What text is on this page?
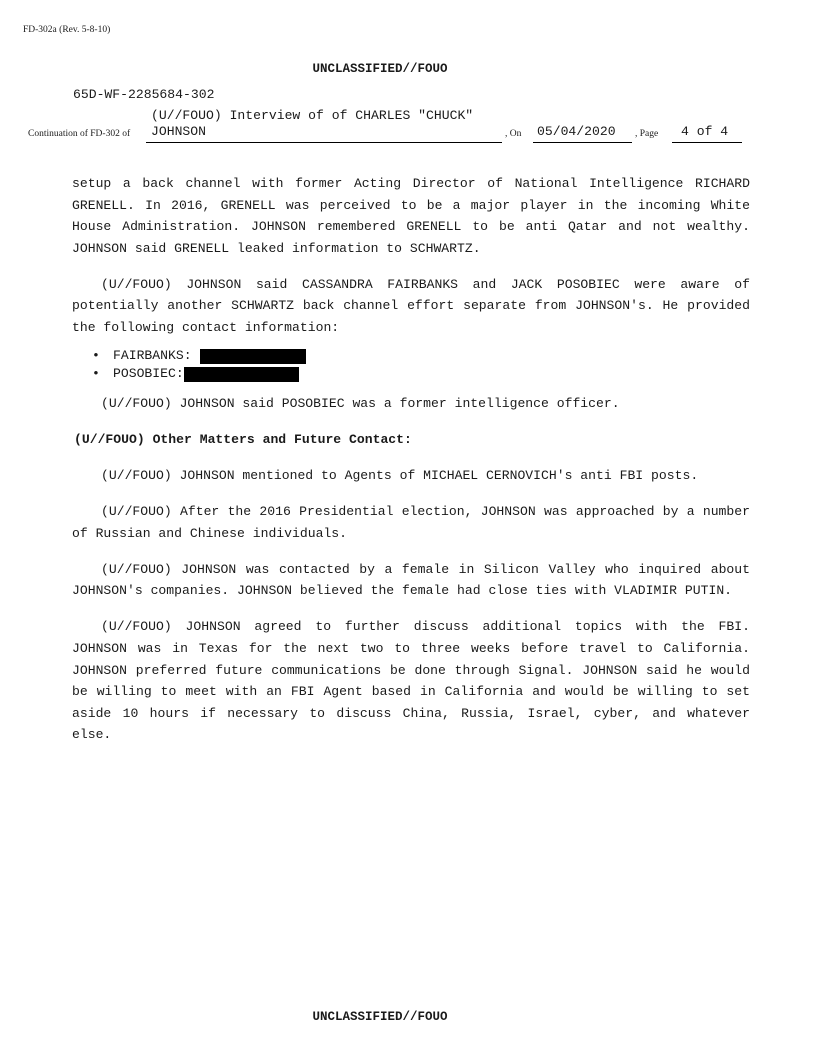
FD-302a (Rev. 5-8-10)
UNCLASSIFIED//FOUO
65D-WF-2285684-302
(U//FOUO) Interview of of CHARLES "CHUCK"
Continuation of FD-302 of JOHNSON	, On 05/04/2020 , Page 4 of 4

setup a back channel with former Acting Director of National Intelligence RICHARD GRENELL. In 2016, GRENELL was perceived to be a major player in the incoming White House Administration. JOHNSON remembered GRENELL to be anti Qatar and not wealthy. JOHNSON said GRENELL leaked information to SCHWARTZ.

(U//FOUO) JOHNSON said CASSANDRA FAIRBANKS and JACK POSOBIEC were aware of potentially another SCHWARTZ back channel effort separate from JOHNSON's. He provided the following contact information:

•	FAIRBANKS:
•	POSOBIEC:

(U//FOUO) JOHNSON said POSOBIEC was a former intelligence officer.

(U//FOUO) Other Matters and Future Contact:

(U//FOUO) JOHNSON mentioned to Agents of MICHAEL CERNOVICH's anti FBI posts.

(U//FOUO) After the 2016 Presidential election, JOHNSON was approached by a number of Russian and Chinese individuals.

(U//FOUO) JOHNSON was contacted by a female in Silicon Valley who inquired about JOHNSON's companies. JOHNSON believed the female had close ties with VLADIMIR PUTIN.

(U//FOUO) JOHNSON agreed to further discuss additional topics with the FBI. JOHNSON was in Texas for the next two to three weeks before travel to California. JOHNSON preferred future communications be done through Signal. JOHNSON said he would be willing to meet with an FBI Agent based in California and would be willing to set aside 10 hours if necessary to discuss China, Russia, Israel, cyber, and whatever else.

UNCLASSIFIED//FOUO
